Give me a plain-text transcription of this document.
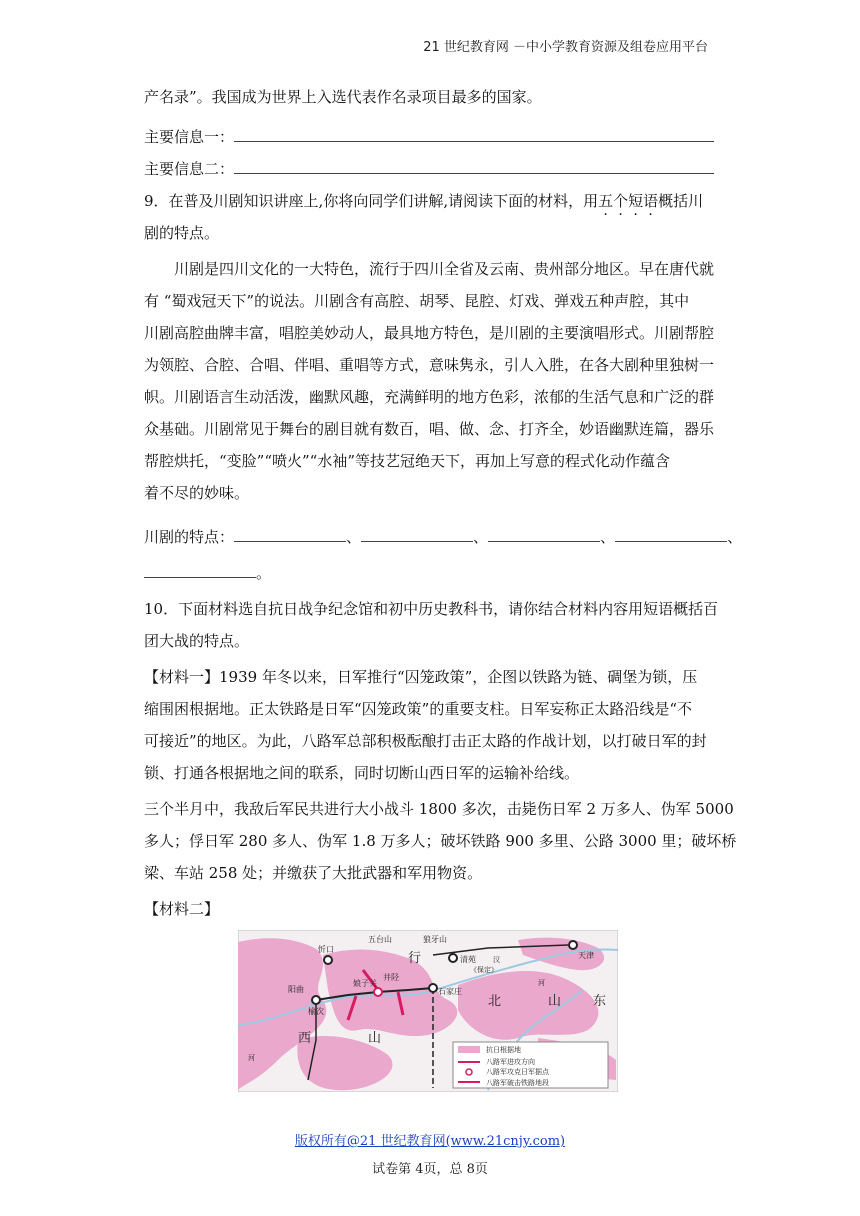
21 世纪教育网 －中小学教育资源及组卷应用平台
产名录”。我国成为世界上入选代表作名录项目最多的国家。
主要信息一：
主要信息二：
9．在普及川剧知识讲座上,你将向同学们讲解,请阅读下面的材料，用五个短语概括川
剧的特点。
川剧是四川文化的一大特色，流行于四川全省及云南、贵州部分地区。早在唐代就
有 “蜀戏冠天下”的说法。川剧含有高腔、胡琴、昆腔、灯戏、弹戏五种声腔，其中
川剧高腔曲牌丰富，唱腔美妙动人，最具地方特色，是川剧的主要演唱形式。川剧帮腔
为领腔、合腔、合唱、伴唱、重唱等方式，意味隽永，引人入胜，在各大剧种里独树一
帜。川剧语言生动活泼，幽默风趣，充满鲜明的地方色彩，浓郁的生活气息和广泛的群
众基础。川剧常见于舞台的剧目就有数百，唱、做、念、打齐全，妙语幽默连篇，器乐
帮腔烘托，“变脸”“喷火”“水袖”等技艺冠绝天下，再加上写意的程式化动作蕴含
着不尽的妙味。
川剧的特点：	、	、	、	、
。
10．下面材料选自抗日战争纪念馆和初中历史教科书，请你结合材料内容用短语概括百
团大战的特点。
【材料一】1939 年冬以来，日军推行“囚笼政策”，企图以铁路为链、碉堡为锁，压
缩围困根据地。正太铁路是日军“囚笼政策”的重要支柱。日军妄称正太路沿线是“不
可接近”的地区。为此，八路军总部积极酝酿打击正太路的作战计划，以打破日军的封
锁、打通各根据地之间的联系，同时切断山西日军的运输补给线。
三个半月中，我敌后军民共进行大小战斗 1800 多次，击毙伤日军 2 万多人、伪军 5000
多人；俘日军 280 多人、伪军 1.8 万多人；破坏铁路 900 多里、公路 3000 里；破坏桥
梁、车站 258 处；并缴获了大批武器和军用物资。
【材料二】
五台山	狼牙山
忻口
阳曲
榆次
娘子关
井陉
石家庄
清苑	天津
西	山
行
北	山 东
河
河
《保定》
汉
抗日根据地
八路军进攻方向
八路军攻克日军据点
八路军破击铁路地段
版权所有@21 世纪教育网(www.21cnjy.com)
试卷第 4页，总 8页
